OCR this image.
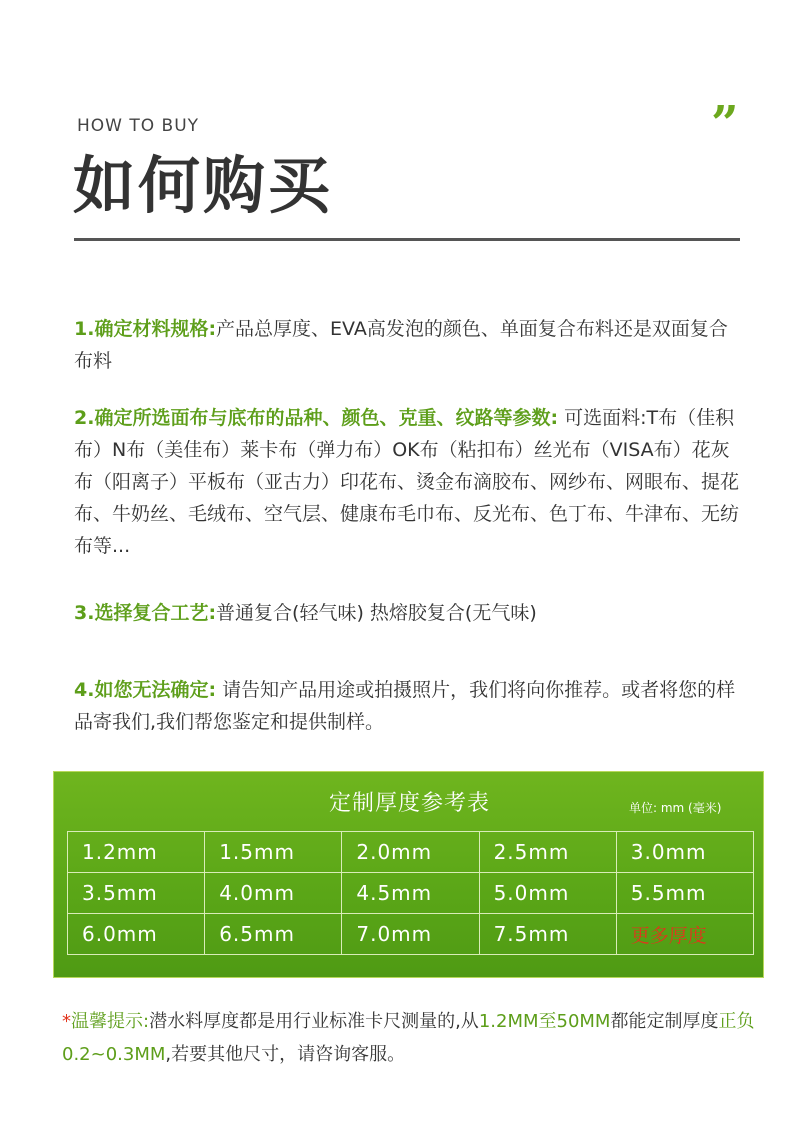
HOW TO BUY	”
如何购买
1.确定材料规格:产品总厚度、EVA高发泡的颜色、单面复合布料还是双面复合布料
2.确定所选面布与底布的品种、颜色、克重、纹路等参数: 可选面料:T布（佳积布）N布（美佳布）莱卡布（弹力布）OK布（粘扣布）丝光布（VISA布）花灰布（阳离子）平板布（亚古力）印花布、烫金布滴胶布、网纱布、网眼布、提花布、牛奶丝、毛绒布、空气层、健康布毛巾布、反光布、色丁布、牛津布、无纺布等...
3.选择复合工艺:普通复合(轻气味) 热熔胶复合(无气味)
4.如您无法确定: 请告知产品用途或拍摄照片，我们将向你推荐。或者将您的样品寄我们,我们帮您鉴定和提供制样。
定制厚度参考表	单位: mm (毫米)
1.2mm	1.5mm	2.0mm	2.5mm	3.0mm
3.5mm	4.0mm	4.5mm	5.0mm	5.5mm
6.0mm	6.5mm	7.0mm	7.5mm	更多厚度
*温馨提示:潜水料厚度都是用行业标准卡尺测量的,从1.2MM至50MM都能定制厚度正负0.2~0.3MM,若要其他尺寸，请咨询客服。
